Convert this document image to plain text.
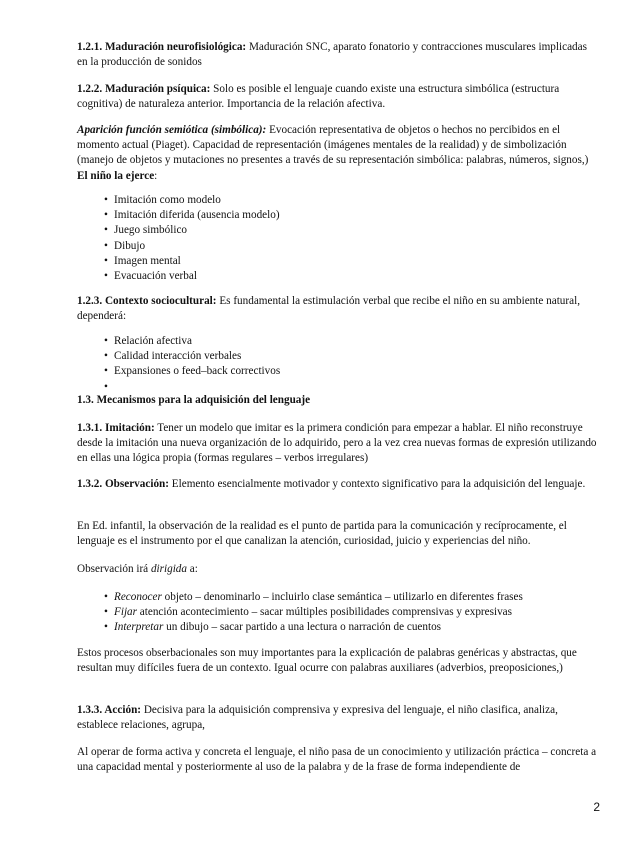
1.2.1. Maduración neurofisiológica: Maduración SNC, aparato fonatorio y contracciones musculares implicadas en la producción de sonidos

1.2.2. Maduración psíquica: Solo es posible el lenguaje cuando existe una estructura simbólica (estructura cognitiva) de naturaleza anterior. Importancia de la relación afectiva.

Aparición función semiótica (simbólica): Evocación representativa de objetos o hechos no percibidos en el momento actual (Piaget). Capacidad de representación (imágenes mentales de la realidad) y de simbolización (manejo de objetos y mutaciones no presentes a través de su representación simbólica: palabras, números, signos,) El niño la ejerce:

• Imitación como modelo
• Imitación diferida (ausencia modelo)
• Juego simbólico
• Dibujo
• Imagen mental
• Evacuación verbal

1.2.3. Contexto sociocultural: Es fundamental la estimulación verbal que recibe el niño en su ambiente natural, dependerá:

• Relación afectiva
• Calidad interacción verbales
• Expansiones o feed–back correctivos
•

1.3. Mecanismos para la adquisición del lenguaje

1.3.1. Imitación: Tener un modelo que imitar es la primera condición para empezar a hablar. El niño reconstruye desde la imitación una nueva organización de lo adquirido, pero a la vez crea nuevas formas de expresión utilizando en ellas una lógica propia (formas regulares – verbos irregulares)

1.3.2. Observación: Elemento esencialmente motivador y contexto significativo para la adquisición del lenguaje.

En Ed. infantil, la observación de la realidad es el punto de partida para la comunicación y recíprocamente, el lenguaje es el instrumento por el que canalizan la atención, curiosidad, juicio y experiencias del niño.

Observación irá dirigida a:

• Reconocer objeto – denominarlo – incluirlo clase semántica – utilizarlo en diferentes frases
• Fijar atención acontecimiento – sacar múltiples posibilidades comprensivas y expresivas
• Interpretar un dibujo – sacar partido a una lectura o narración de cuentos

Estos procesos obserbacionales son muy importantes para la explicación de palabras genéricas y abstractas, que resultan muy difíciles fuera de un contexto. Igual ocurre con palabras auxiliares (adverbios, preoposiciones,)

1.3.3. Acción: Decisiva para la adquisición comprensiva y expresiva del lenguaje, el niño clasifica, analiza, establece relaciones, agrupa,

Al operar de forma activa y concreta el lenguaje, el niño pasa de un conocimiento y utilización práctica – concreta a una capacidad mental y posteriormente al uso de la palabra y de la frase de forma independiente de

2
